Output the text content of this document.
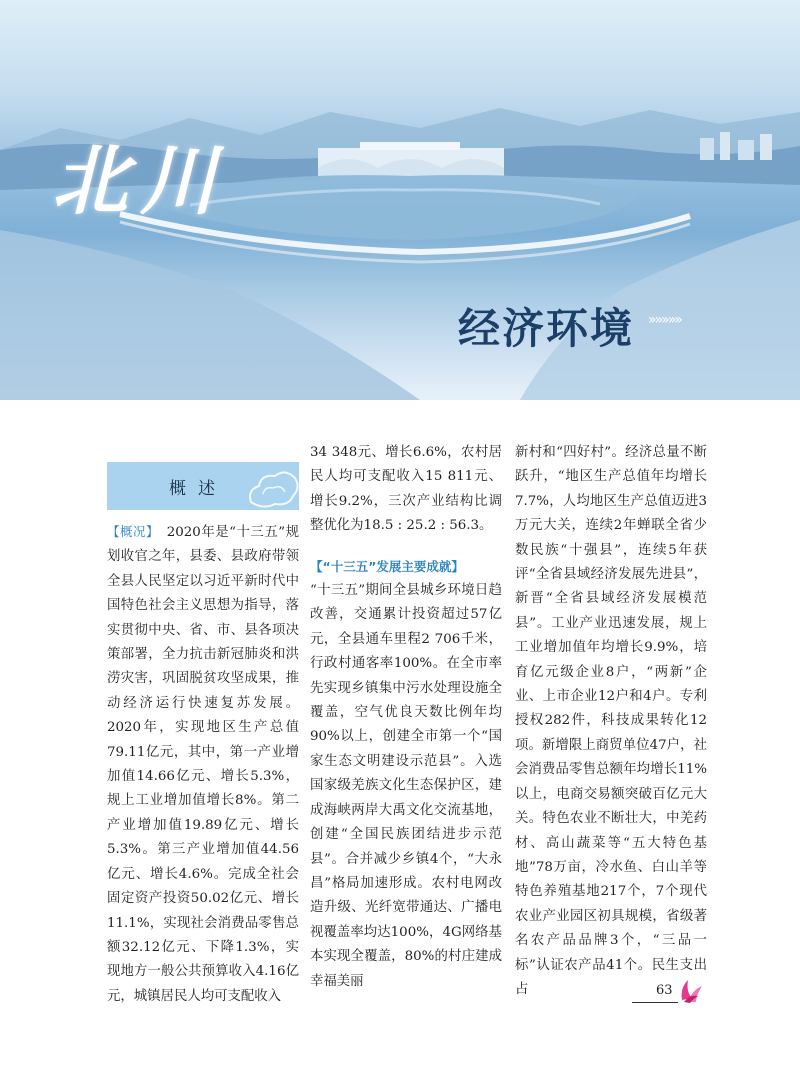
北川
经济环境 »»»»»
概述

【概况】　 2020年是“十三五”规划收官之年，县委、县政府带领全县人民坚定以习近平新时代中国特色社会主义思想为指导，落实贯彻中央、省、市、县各项决策部署，全力抗击新冠肺炎和洪涝灾害，巩固脱贫攻坚成果，推动经济运行快速复苏发展。2020年，实现地区生产总值79.11亿元，其中，第一产业增加值14.66亿元、增长5.3%，规上工业增加值增长8%。第二产业增加值19.89亿元、增长5.3%。第三产业增加值44.56亿元、增长4.6%。完成全社会固定资产投资50.02亿元、增长11.1%，实现社会消费品零售总额32.12亿元、下降1.3%，实现地方一般公共预算收入4.16亿元，城镇居民人均可支配收入

34 348元、增长6.6%，农村居民人均可支配收入15 811元、增长9.2%，三次产业结构比调整优化为18.5 : 25.2 : 56.3。

【“十三五”发展主要成就】

“十三五”期间全县城乡环境日趋改善，交通累计投资超过57亿元，全县通车里程2 706千米，行政村通客率100%。在全市率先实现乡镇集中污水处理设施全覆盖，空气优良天数比例年均90%以上，创建全市第一个“国家生态文明建设示范县”。入选国家级羌族文化生态保护区，建成海峡两岸大禹文化交流基地，创建“全国民族团结进步示范县”。合并减少乡镇4个，“大永昌”格局加速形成。农村电网改造升级、光纤宽带通达、广播电视覆盖率均达100%，4G网络基本实现全覆盖，80%的村庄建成幸福美丽

新村和“四好村”。经济总量不断跃升，“地区生产总值年均增长7.7%，人均地区生产总值迈进3万元大关，连续2年蝉联全省少数民族“十强县”，连续5年获评“全省县域经济发展先进县”，新晋“全省县域经济发展模范县”。工业产业迅速发展，规上工业增加值年均增长9.9%，培育亿元级企业8户，“两新”企业、上市企业12户和4户。专利授权282件，科技成果转化12项。新增限上商贸单位47户，社会消费品零售总额年均增长11%以上，电商交易额突破百亿元大关。特色农业不断壮大，中羌药材、高山蔬菜等“五大特色基地”78万亩，冷水鱼、白山羊等特色养殖基地217个，7个现代农业产业园区初具规模，省级著名农产品品牌3个，“三品一标”认证农产品41个。民生支出占	63
